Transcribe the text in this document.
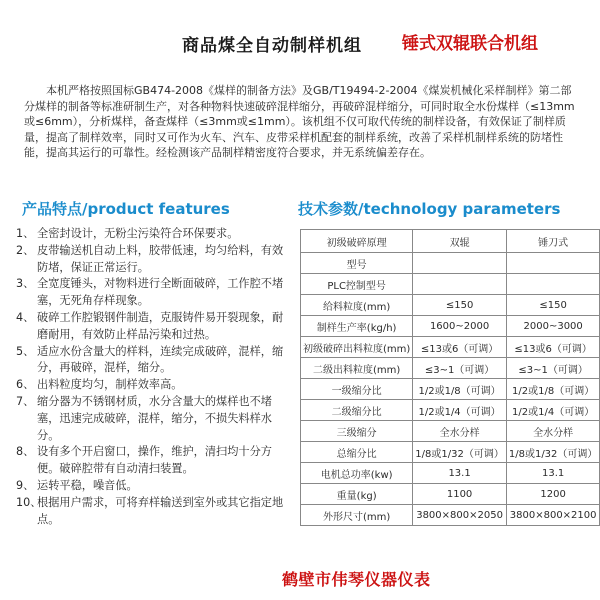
商品煤全自动制样机组 锤式双辊联合机组

本机严格按照国标GB474-2008《煤样的制备方法》及GB/T19494-2-2004《煤炭机械化采样制样》第二部分煤样的制备等标准研制生产，对各种物料快速破碎混样缩分，再破碎混样缩分，可同时取全水份煤样（≤13mm或≤6mm），分析煤样，备查煤样（≤3mm或≤1mm）。该机组不仅可取代传统的制样设备，有效保证了制样质量，提高了制样效率，同时又可作为火车、汽车、皮带采样机配套的制样系统，改善了采样机制样系统的防堵性能，提高其运行的可靠性。经检测该产品制样精密度符合要求，并无系统偏差存在。

产品特点/product features	技术参数/technology parameters
1、 全密封设计，无粉尘污染符合环保要求。
2、 皮带输送机自动上料，胶带低速，均匀给料，有效防堵，保证正常运行。
3、 全宽度锤头，对物料进行全断面破碎，工作腔不堵塞，无死角存样现象。
4、 破碎工作腔锻钢件制造，克服铸件易开裂现象，耐磨耐用，有效防止样品污染和过热。
5、 适应水份含量大的样料，连续完成破碎，混样，缩分，再破碎，混样，缩分。
6、 出料粒度均匀，制样效率高。
7、 缩分器为不锈钢材质，水分含量大的煤样也不堵塞，迅速完成破碎，混样，缩分，不损失料样水分。
8、 设有多个开启窗口，操作，维护，清扫均十分方便。破碎腔带有自动清扫装置。
9、 运转平稳，噪音低。
10、
根据用户需求，可将弃样输送到室外或其它指定地点。
初级破碎原理	双辊	锤刀式
型号		
PLC控制型号		
给料粒度(mm)	≤150	≤150
制样生产率(kg/h)	1600~2000	2000~3000
初级破碎出料粒度(mm)	≤13或6（可调）	≤13或6（可调）
二级出料粒度(mm)	≤3~1（可调）	≤3~1（可调）
一级缩分比	1/2或1/8（可调）	1/2或1/8（可调）
二级缩分比	1/2或1/4（可调）	1/2或1/4（可调）
三级缩分	全水分样	全水分样
总缩分比	1/8或1/32（可调）	1/8或1/32（可调）
电机总功率(kw)	13.1	13.1
重量(kg)	1100	1200
外形尺寸(mm)	3800×800×2050	3800×800×2100
鹤壁市伟琴仪器仪表
